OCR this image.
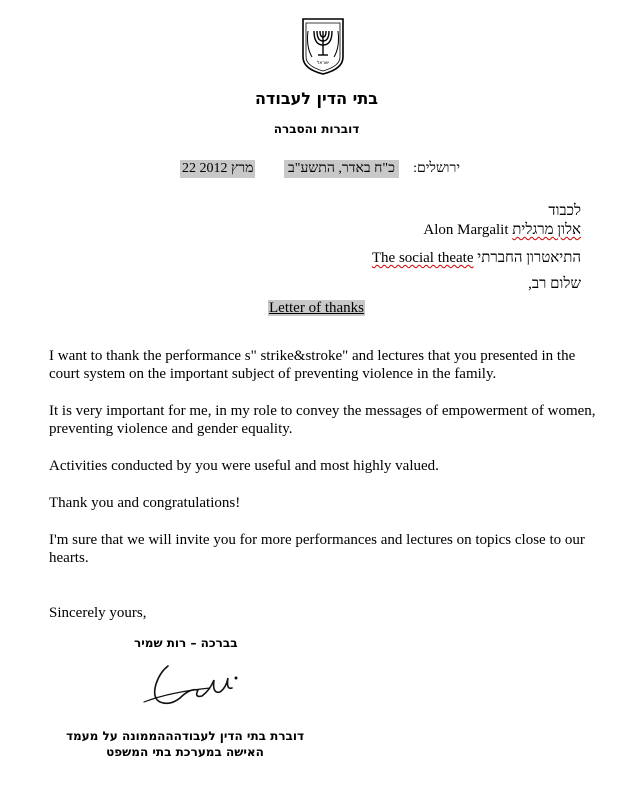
ישראל
בתי הדין לעבודה
דוברות והסברה
22 מרץ 2012 כ"ח באדר, התשע"ב ירושלים:
לכבוד
אלון מרגלית Alon Margalit
התיאטרון החברתי The social theate
שלום רב,
Letter of thanks
I want to thank the performance s" strike&stroke" and lectures that you presented in the court system on the important subject of preventing violence in the family.
It is very important for me, in my role to convey the messages of empowerment of women, preventing violence and gender equality.
Activities conducted by you were useful and most highly valued.
Thank you and congratulations!
I'm sure that we will invite you for more performances and lectures on topics close to our hearts.
Sincerely yours,
בברכה – רות שמיר
דוברת בתי הדין לעבודהההממונה על מעמד
האישה במערכת בתי המשפט
